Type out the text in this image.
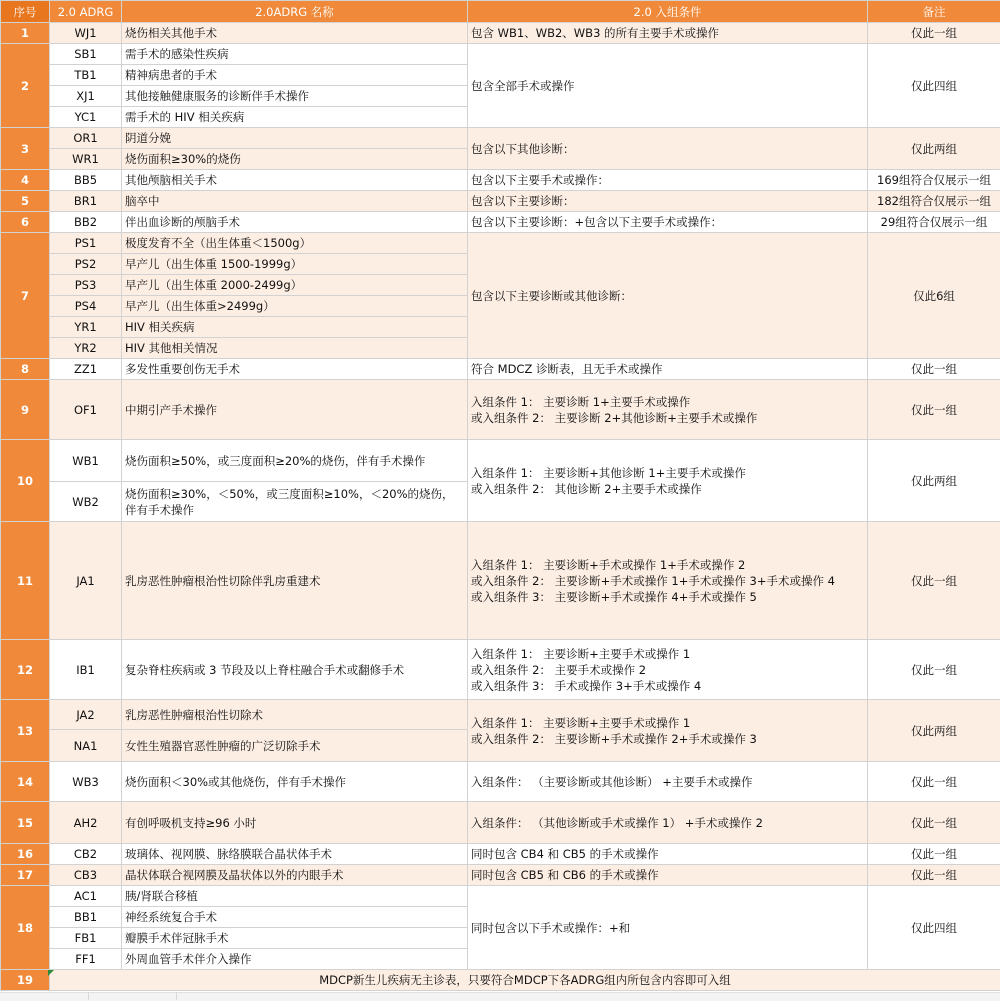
序号	2.0 ADRG	2.0ADRG 名称	2.0 入组条件	备注
1	WJ1	烧伤相关其他手术	包含 WB1、WB2、WB3 的所有主要手术或操作	仅此一组
2	SB1	需手术的感染性疾病	包含全部手术或操作	仅此四组
	TB1	精神病患者的手术		
	XJ1	其他接触健康服务的诊断伴手术操作		
	YC1	需手术的 HIV 相关疾病		
3	OR1	阴道分娩	包含以下其他诊断：	仅此两组
	WR1	烧伤面积≥30%的烧伤		
4	BB5	其他颅脑相关手术	包含以下主要手术或操作：	169组符合仅展示一组
5	BR1	脑卒中	包含以下主要诊断：	182组符合仅展示一组
6	BB2	伴出血诊断的颅脑手术	包含以下主要诊断：+包含以下主要手术或操作：	29组符合仅展示一组
7	PS1	极度发育不全（出生体重＜1500g）	包含以下主要诊断或其他诊断：	仅此6组
	PS2	早产儿（出生体重 1500-1999g）		
	PS3	早产儿（出生体重 2000-2499g）		
	PS4	早产儿（出生体重>2499g）		
	YR1	HIV 相关疾病		
	YR2	HIV 其他相关情况		
8	ZZ1	多发性重要创伤无手术	符合 MDCZ 诊断表，且无手术或操作	仅此一组
9	OF1	中期引产手术操作	入组条件 1： 主要诊断 1+主要手术或操作
或入组条件 2： 主要诊断 2+其他诊断+主要手术或操作	仅此一组
10	WB1	烧伤面积≥50%，或三度面积≥20%的烧伤，伴有手术操作	入组条件 1： 主要诊断+其他诊断 1+主要手术或操作
或入组条件 2： 其他诊断 2+主要手术或操作	仅此两组
	WB2	烧伤面积≥30%，＜50%，或三度面积≥10%，＜20%的烧伤，伴有手术操作		
11	JA1	乳房恶性肿瘤根治性切除伴乳房重建术	入组条件 1： 主要诊断+手术或操作 1+手术或操作 2
或入组条件 2： 主要诊断+手术或操作 1+手术或操作 3+手术或操作 4
或入组条件 3： 主要诊断+手术或操作 4+手术或操作 5	仅此一组
12	IB1	复杂脊柱疾病或 3 节段及以上脊柱融合手术或翻修手术	入组条件 1： 主要诊断+主要手术或操作 1
或入组条件 2： 主要手术或操作 2
或入组条件 3： 手术或操作 3+手术或操作 4	仅此一组
13	JA2	乳房恶性肿瘤根治性切除术	入组条件 1： 主要诊断+主要手术或操作 1
或入组条件 2： 主要诊断+手术或操作 2+手术或操作 3	仅此两组
	NA1	女性生殖器官恶性肿瘤的广泛切除手术		
14	WB3	烧伤面积＜30%或其他烧伤，伴有手术操作	入组条件： （主要诊断或其他诊断） +主要手术或操作	仅此一组
15	AH2	有创呼吸机支持≥96 小时	入组条件： （其他诊断或手术或操作 1） +手术或操作 2	仅此一组
16	CB2	玻璃体、视网膜、脉络膜联合晶状体手术	同时包含 CB4 和 CB5 的手术或操作	仅此一组
17	CB3	晶状体联合视网膜及晶状体以外的内眼手术	同时包含 CB5 和 CB6 的手术或操作	仅此一组
18	AC1	胰/肾联合移植	同时包含以下手术或操作：+和	仅此四组
	BB1	神经系统复合手术		
	FB1	瓣膜手术伴冠脉手术		
	FF1	外周血管手术伴介入操作		
19	MDCP新生儿疾病无主诊表，只要符合MDCP下各ADRG组内所包含内容即可入组			
